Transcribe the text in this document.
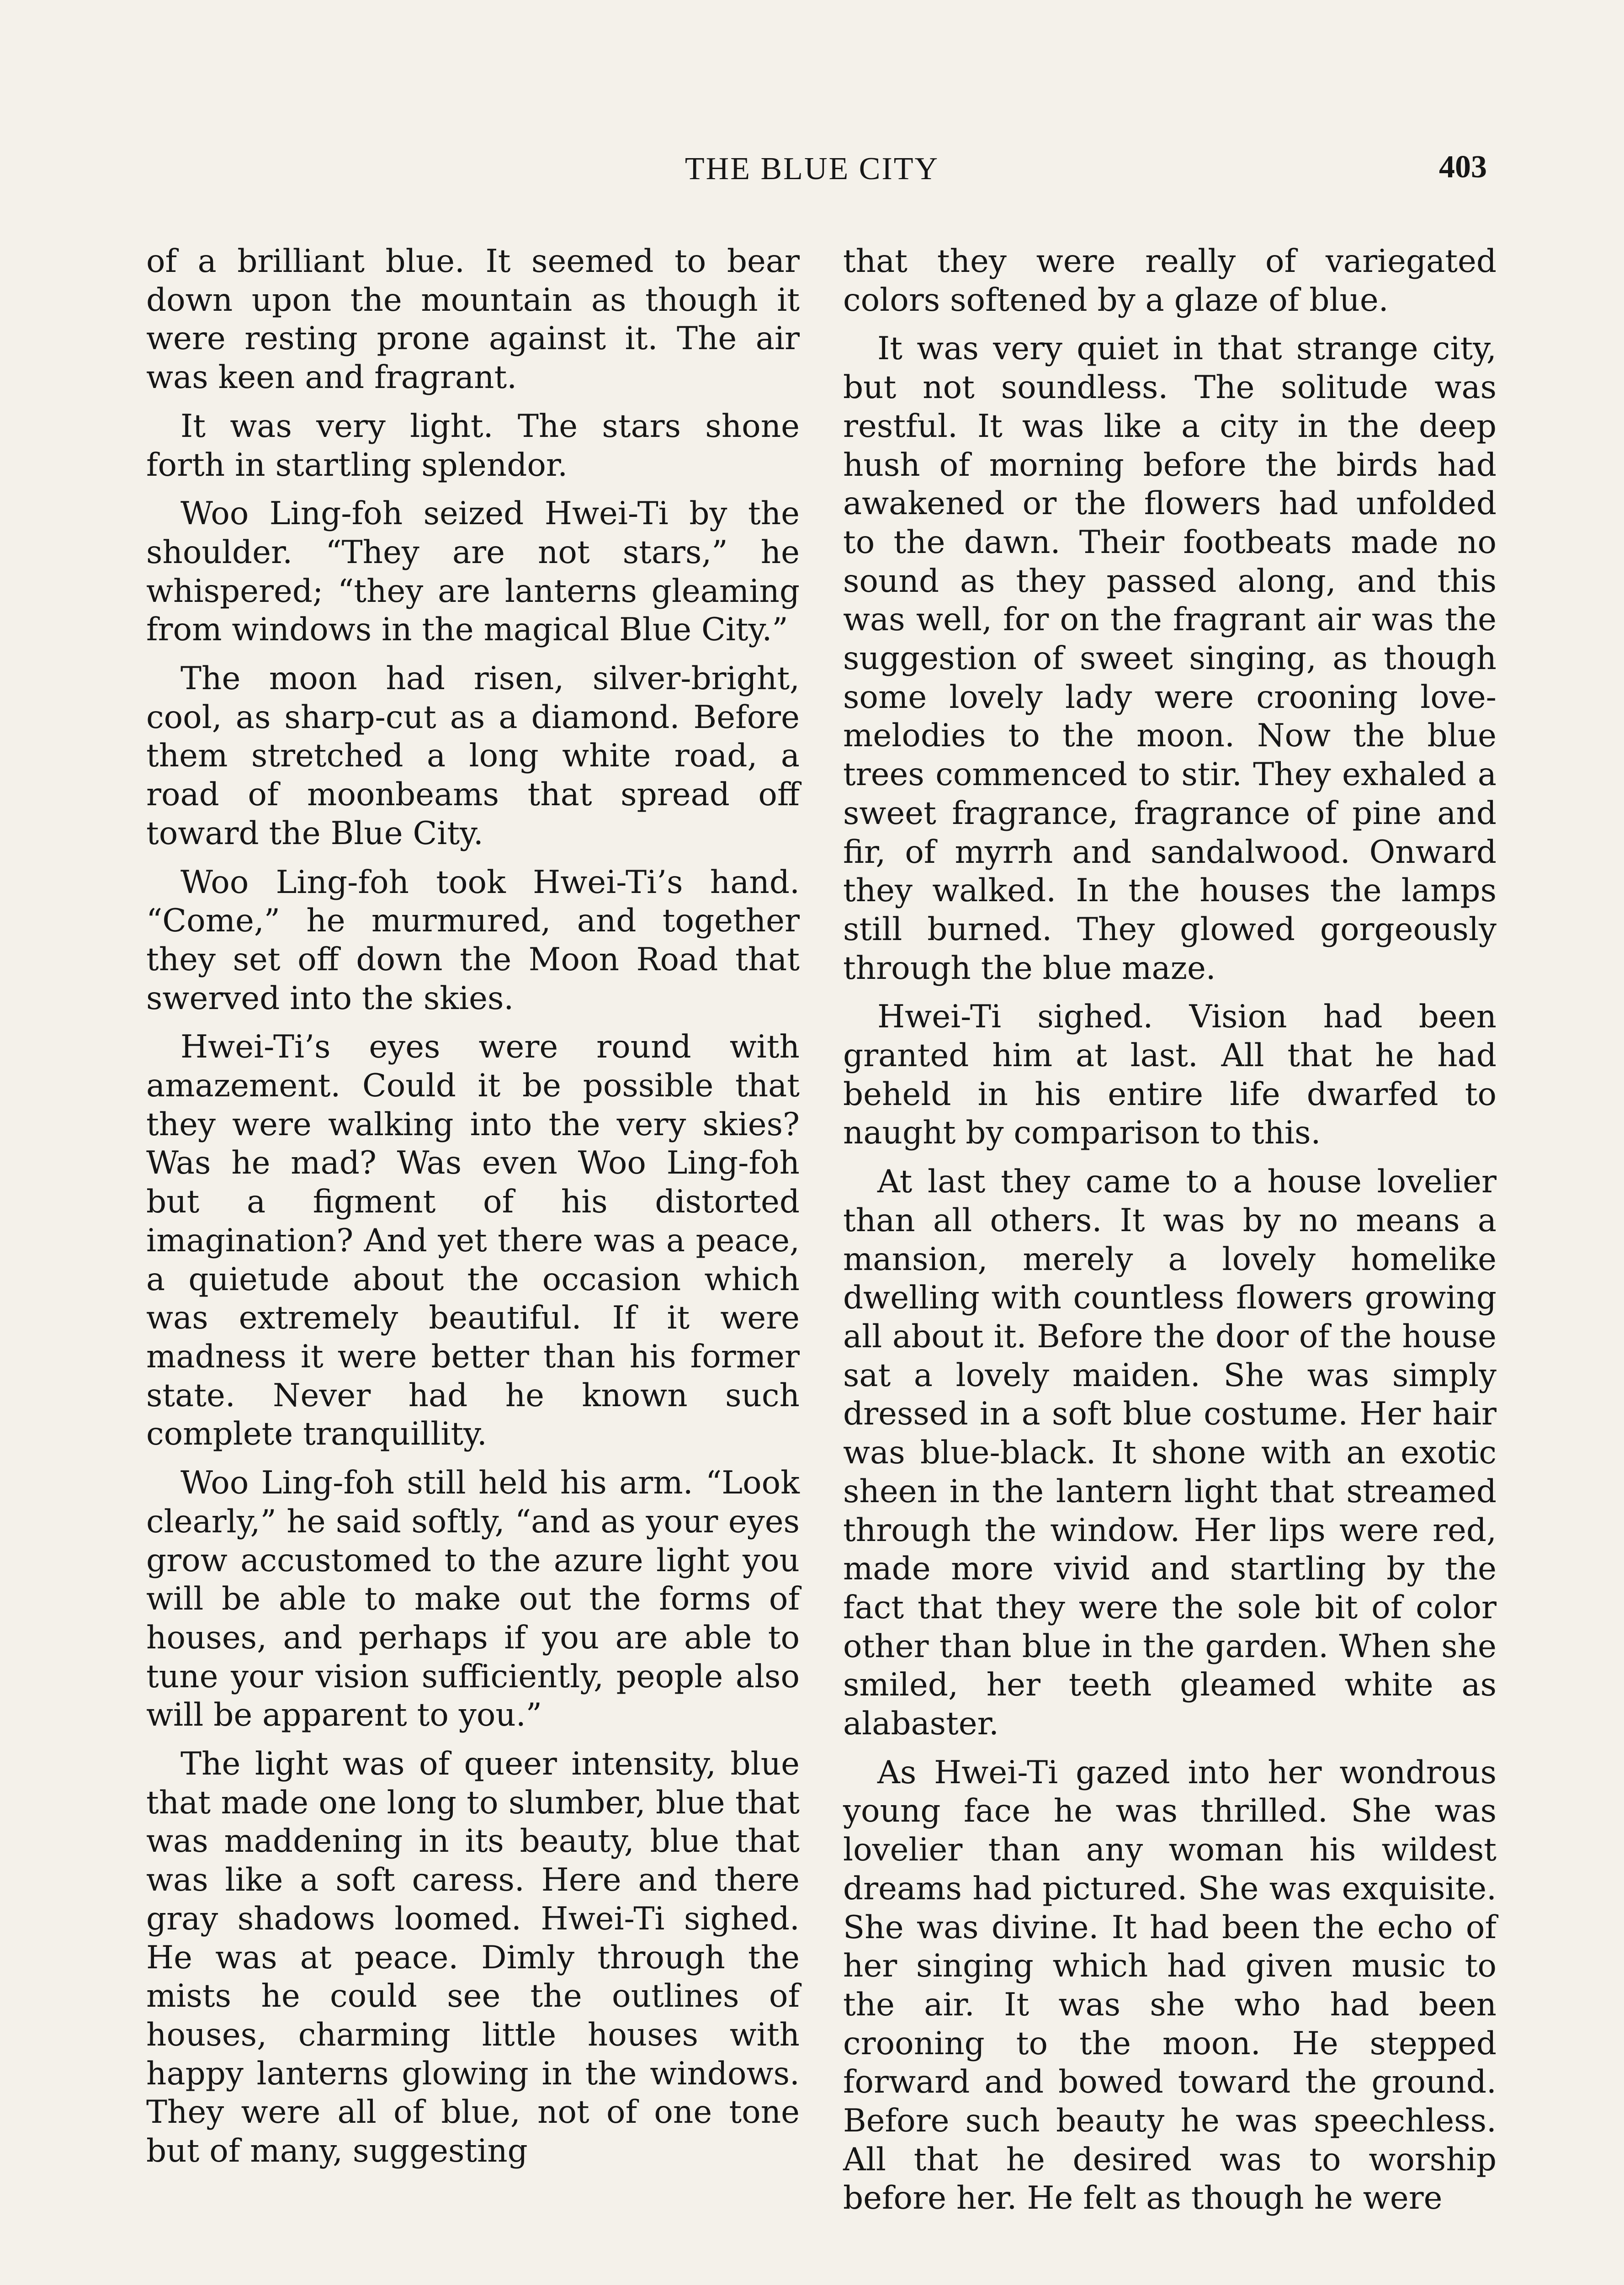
THE BLUE CITY	403

of a brilliant blue. It seemed to bear down upon the mountain as though it were resting prone against it. The air was keen and fragrant.

It was very light. The stars shone forth in startling splendor.

Woo Ling-foh seized Hwei-Ti by the shoulder. “They are not stars,” he whispered; “they are lanterns gleaming from windows in the magical Blue City.”

The moon had risen, silver-bright, cool, as sharp-cut as a diamond. Before them stretched a long white road, a road of moonbeams that spread off toward the Blue City.

Woo Ling-foh took Hwei-Ti’s hand. “Come,” he murmured, and together they set off down the Moon Road that swerved into the skies.

Hwei-Ti’s eyes were round with amazement. Could it be possible that they were walking into the very skies? Was he mad? Was even Woo Ling-foh but a figment of his distorted imagination? And yet there was a peace, a quietude about the occasion which was extremely beautiful. If it were madness it were better than his former state. Never had he known such complete tranquillity.

Woo Ling-foh still held his arm. “Look clearly,” he said softly, “and as your eyes grow accustomed to the azure light you will be able to make out the forms of houses, and perhaps if you are able to tune your vision sufficiently, people also will be apparent to you.”

The light was of queer intensity, blue that made one long to slumber, blue that was maddening in its beauty, blue that was like a soft caress. Here and there gray shadows loomed. Hwei-Ti sighed. He was at peace. Dimly through the mists he could see the outlines of houses, charming little houses with happy lanterns glowing in the windows. They were all of blue, not of one tone but of many, suggesting

that they were really of variegated colors softened by a glaze of blue.

It was very quiet in that strange city, but not soundless. The solitude was restful. It was like a city in the deep hush of morning before the birds had awakened or the flowers had unfolded to the dawn. Their footbeats made no sound as they passed along, and this was well, for on the fragrant air was the suggestion of sweet singing, as though some lovely lady were crooning love-melodies to the moon. Now the blue trees commenced to stir. They exhaled a sweet fragrance, fragrance of pine and fir, of myrrh and sandalwood. Onward they walked. In the houses the lamps still burned. They glowed gorgeously through the blue maze.

Hwei-Ti sighed. Vision had been granted him at last. All that he had beheld in his entire life dwarfed to naught by comparison to this.

At last they came to a house lovelier than all others. It was by no means a mansion, merely a lovely homelike dwelling with countless flowers growing all about it. Before the door of the house sat a lovely maiden. She was simply dressed in a soft blue costume. Her hair was blue-black. It shone with an exotic sheen in the lantern light that streamed through the window. Her lips were red, made more vivid and startling by the fact that they were the sole bit of color other than blue in the garden. When she smiled, her teeth gleamed white as alabaster.

As Hwei-Ti gazed into her wondrous young face he was thrilled. She was lovelier than any woman his wildest dreams had pictured. She was exquisite. She was divine. It had been the echo of her singing which had given music to the air. It was she who had been crooning to the moon. He stepped forward and bowed toward the ground. Before such beauty he was speechless. All that he desired was to worship before her. He felt as though he were
